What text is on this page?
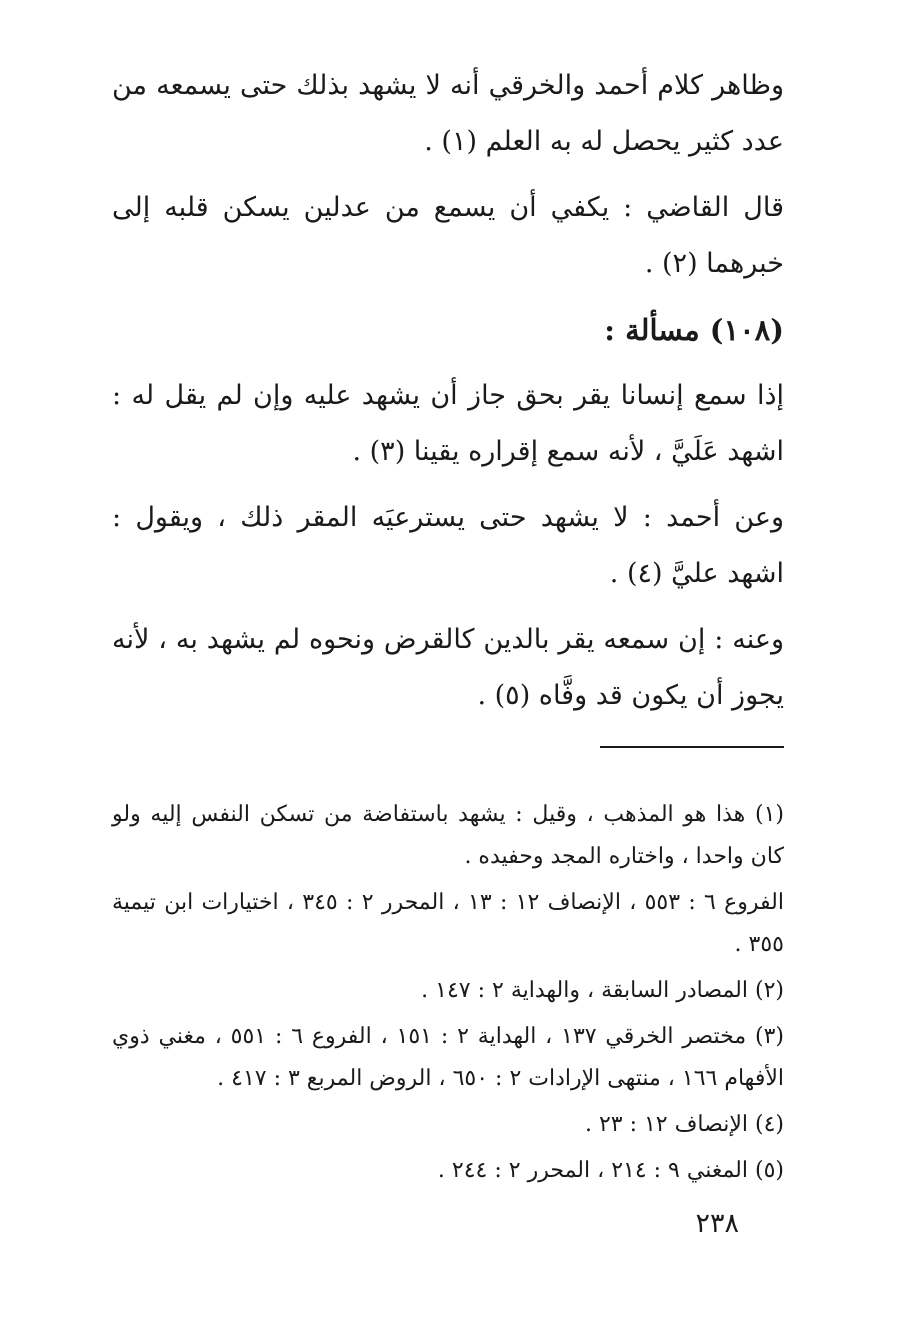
وظاهر كلام أحمد والخرقي أنه لا يشهد بذلك حتى يسمعه من عدد كثير يحصل له به العلم (١) .

قال القاضي : يكفي أن يسمع من عدلين يسكن قلبه إلى خبرهما (٢) .

(١٠٨) مسألة :

إذا سمع إنسانا يقر بحق جاز أن يشهد عليه وإن لم يقل له : اشهد عَلَيَّ ، لأنه سمع إقراره يقينا (٣) .

وعن أحمد : لا يشهد حتى يسترعيَه المقر ذلك ، ويقول : اشهد عليَّ (٤) .

وعنه : إن سمعه يقر بالدين كالقرض ونحوه لم يشهد به ، لأنه يجوز أن يكون قد وفَّاه (٥) .

(١) هذا هو المذهب ، وقيل : يشهد باستفاضة من تسكن النفس إليه ولو كان واحدا ، واختاره المجد وحفيده .

الفروع ٦ : ٥٥٣ ، الإنصاف ١٢ : ١٣ ، المحرر ٢ : ٣٤٥ ، اختيارات ابن تيمية ٣٥٥ .

(٢) المصادر السابقة ، والهداية ٢ : ١٤٧ .

(٣) مختصر الخرقي ١٣٧ ، الهداية ٢ : ١٥١ ، الفروع ٦ : ٥٥١ ، مغني ذوي الأفهام ١٦٦ ، منتهى الإرادات ٢ : ٦٥٠ ، الروض المربع ٣ : ٤١٧ .

(٤) الإنصاف ١٢ : ٢٣ .

(٥) المغني ٩ : ٢١٤ ، المحرر ٢ : ٢٤٤ .

٢٣٨
